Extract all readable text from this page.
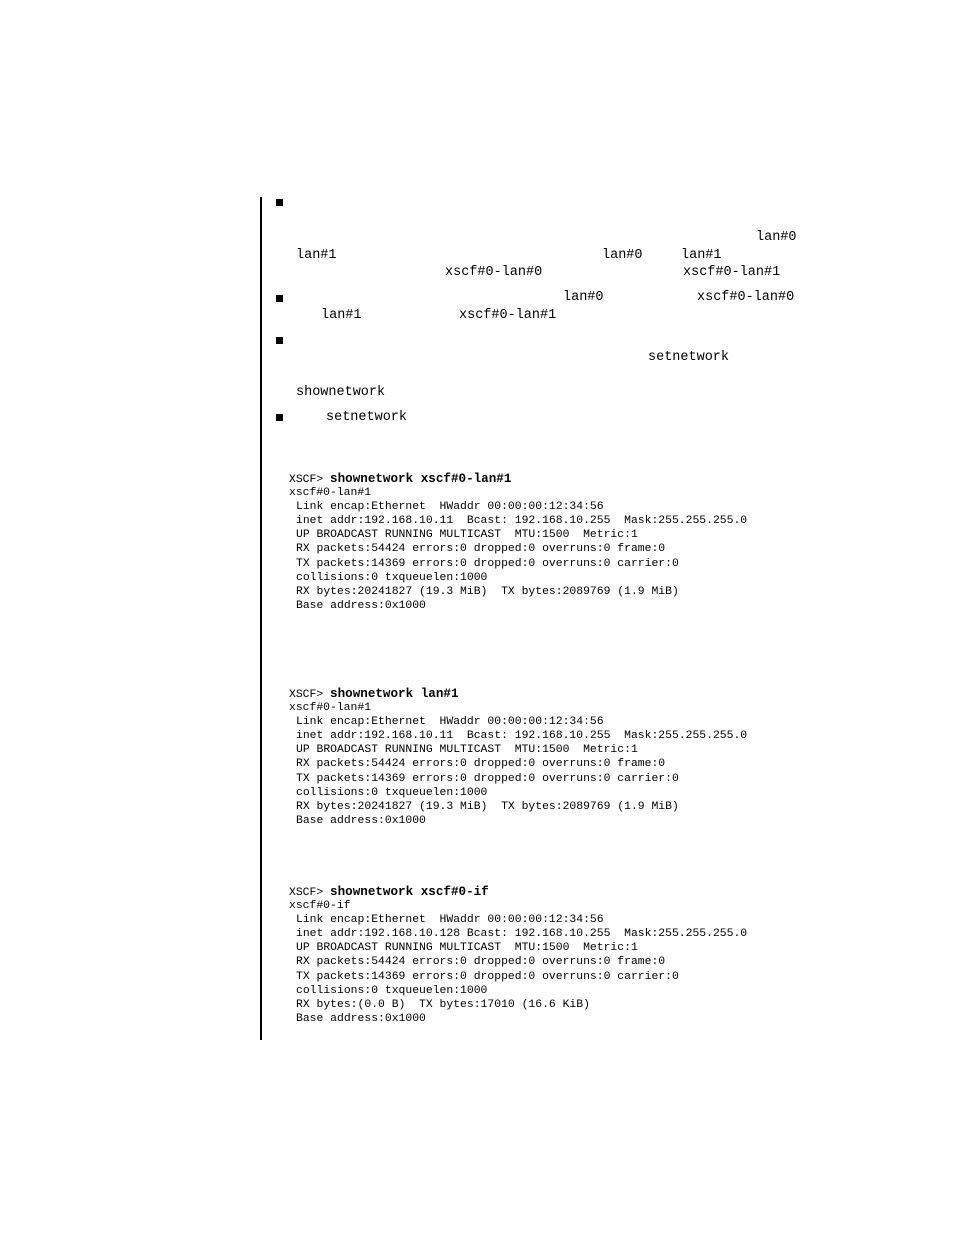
lan#0
lan#1	lan#0	lan#1
xscf#0-lan#0	xscf#0-lan#1
lan#0	xscf#0-lan#0
lan#1	xscf#0-lan#1
setnetwork
shownetwork
setnetwork
XSCF> shownetwork xscf#0-lan#1
xscf#0-lan#1
Link encap:Ethernet  HWaddr 00:00:00:12:34:56
inet addr:192.168.10.11  Bcast: 192.168.10.255  Mask:255.255.255.0
UP BROADCAST RUNNING MULTICAST  MTU:1500  Metric:1
RX packets:54424 errors:0 dropped:0 overruns:0 frame:0
TX packets:14369 errors:0 dropped:0 overruns:0 carrier:0
collisions:0 txqueuelen:1000
RX bytes:20241827 (19.3 MiB)  TX bytes:2089769 (1.9 MiB)
Base address:0x1000
XSCF> shownetwork lan#1
xscf#0-lan#1
Link encap:Ethernet  HWaddr 00:00:00:12:34:56
inet addr:192.168.10.11  Bcast: 192.168.10.255  Mask:255.255.255.0
UP BROADCAST RUNNING MULTICAST  MTU:1500  Metric:1
RX packets:54424 errors:0 dropped:0 overruns:0 frame:0
TX packets:14369 errors:0 dropped:0 overruns:0 carrier:0
collisions:0 txqueuelen:1000
RX bytes:20241827 (19.3 MiB)  TX bytes:2089769 (1.9 MiB)
Base address:0x1000
XSCF> shownetwork xscf#0-if
xscf#0-if
Link encap:Ethernet  HWaddr 00:00:00:12:34:56
inet addr:192.168.10.128 Bcast: 192.168.10.255  Mask:255.255.255.0
UP BROADCAST RUNNING MULTICAST  MTU:1500  Metric:1
RX packets:54424 errors:0 dropped:0 overruns:0 frame:0
TX packets:14369 errors:0 dropped:0 overruns:0 carrier:0
collisions:0 txqueuelen:1000
RX bytes:(0.0 B)  TX bytes:17010 (16.6 KiB)
Base address:0x1000
